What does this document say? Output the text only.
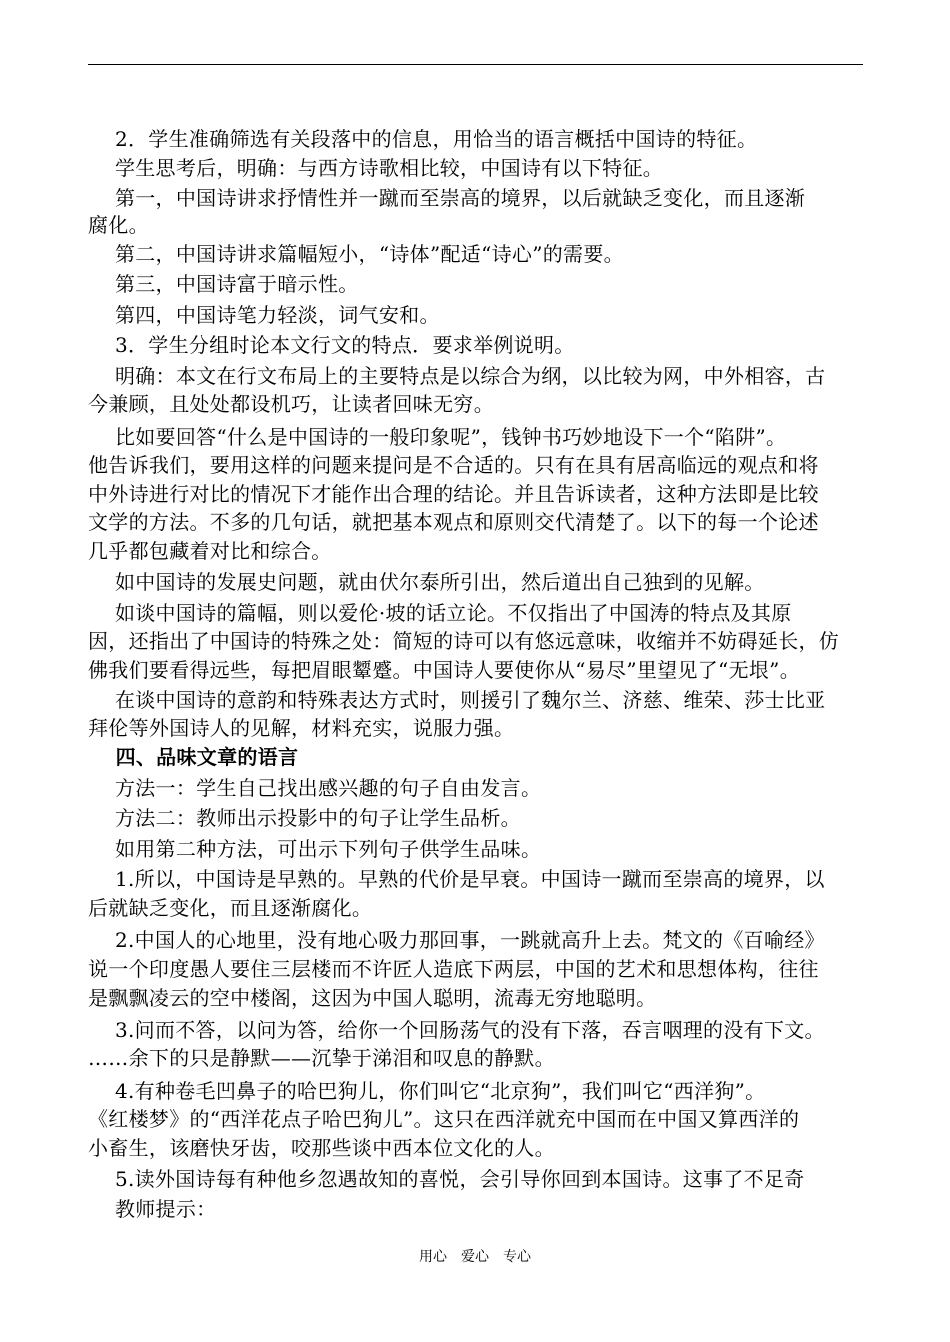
　 2．学生准确筛选有关段落中的信息，用恰当的语言概括中国诗的特征。
　 学生思考后，明确：与西方诗歌相比较，中国诗有以下特征。
　 第一，中国诗讲求抒情性并一蹴而至崇高的境界，以后就缺乏变化，而且逐渐
腐化。
　 第二，中国诗讲求篇幅短小，“诗体”配适“诗心”的需要。
　 第三，中国诗富于暗示性。
　 第四，中国诗笔力轻淡，词气安和。
　 3．学生分组时论本文行文的特点．要求举例说明。
　 明确：本文在行文布局上的主要特点是以综合为纲，以比较为网，中外相容，古
今兼顾，且处处都设机巧，让读者回味无穷。
　 比如要回答“什么是中国诗的一般印象呢”，钱钟书巧妙地设下一个“陷阱”。
他告诉我们，要用这样的问题来提问是不合适的。只有在具有居高临远的观点和将
中外诗进行对比的情况下才能作出合理的结论。并且告诉读者，这种方法即是比较
文学的方法。不多的几句话，就把基本观点和原则交代清楚了。以下的每一个论述
几乎都包藏着对比和综合。
　 如中国诗的发展史问题，就由伏尔泰所引出，然后道出自己独到的见解。
　 如谈中国诗的篇幅，则以爱伦·坡的话立论。不仅指出了中国涛的特点及其原
因，还指出了中国诗的特殊之处：简短的诗可以有悠远意味，收缩并不妨碍延长，仿
佛我们要看得远些，每把眉眼颦蹙。中国诗人要使你从“易尽”里望见了“无垠”。
　 在谈中国诗的意韵和特殊表达方式时，则援引了魏尔兰、济慈、维荣、莎士比亚
拜伦等外国诗人的见解，材料充实，说服力强。
　 四、品味文章的语言
　 方法一：学生自己找出感兴趣的句子自由发言。
　 方法二：教师出示投影中的句子让学生品析。
　 如用第二种方法，可出示下列句子供学生品味。
　 1.所以，中国诗是早熟的。早熟的代价是早衰。中国诗一蹴而至崇高的境界，以
后就缺乏变化，而且逐渐腐化。
　 2.中国人的心地里，没有地心吸力那回事，一跳就高升上去。梵文的《百喻经》
说一个印度愚人要住三层楼而不许匠人造底下两层，中国的艺术和思想体构，往往
是飘飘凌云的空中楼阁，这因为中国人聪明，流毒无穷地聪明。
　 3.问而不答，以问为答，给你一个回肠荡气的没有下落，吞言咽理的没有下文。
……余下的只是静默——沉挚于涕泪和叹息的静默。
　 4.有种卷毛凹鼻子的哈巴狗儿，你们叫它“北京狗”，我们叫它“西洋狗”。
《红楼梦》的“西洋花点子哈巴狗儿”。这只在西洋就充中国而在中国又算西洋的
小畜生，该磨快牙齿，咬那些谈中西本位文化的人。
　 5.读外国诗每有种他乡忽遇故知的喜悦，会引导你回到本国诗。这事了不足奇
　 教师提示：
用心　爱心　专心
